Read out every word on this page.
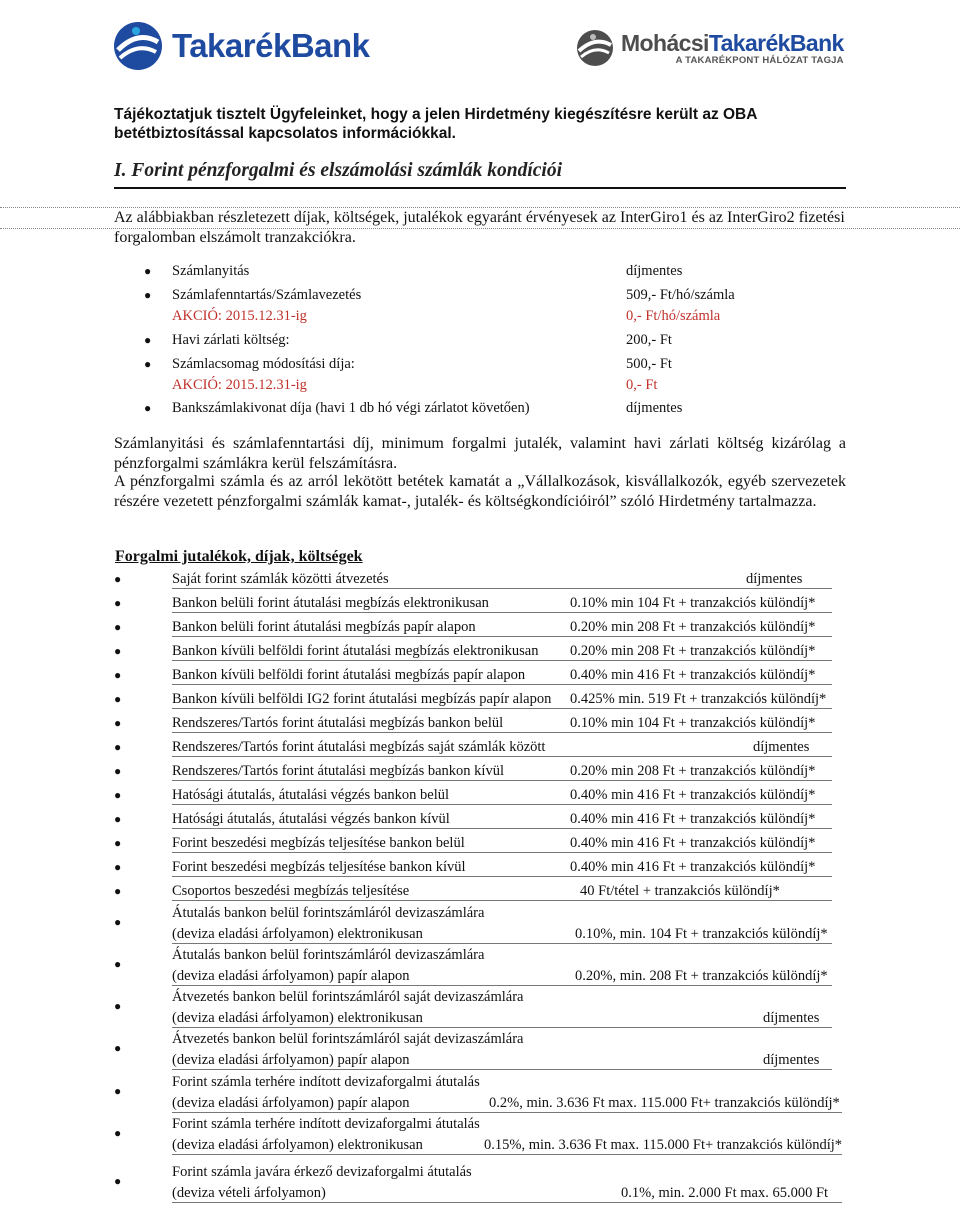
TakarékBank	MohácsiTakarékBank
A TAKARÉKPONT HÁLÓZAT TAGJA
Tájékoztatjuk tisztelt Ügyfeleinket, hogy a jelen Hirdetmény kiegészítésre került az OBA betétbiztosítással kapcsolatos információkkal.
I. Forint pénzforgalmi és elszámolási számlák kondíciói
Az alábbiakban részletezett díjak, költségek, jutalékok egyaránt érvényesek az InterGiro1 és az InterGiro2 fizetési forgalomban elszámolt tranzakciókra.
● Számlanyitás	díjmentes
● Számlafenntartás/Számlavezetés	509,- Ft/hó/számla
AKCIÓ: 2015.12.31-ig	0,- Ft/hó/számla
● Havi zárlati költség:	200,- Ft
● Számlacsomag módosítási díja:	500,- Ft
AKCIÓ: 2015.12.31-ig	0,- Ft
● Bankszámlakivonat díja (havi 1 db hó végi zárlatot követően)	díjmentes
Számlanyitási és számlafenntartási díj, minimum forgalmi jutalék, valamint havi zárlati költség kizárólag a pénzforgalmi számlákra kerül felszámításra.
A pénzforgalmi számla és az arról lekötött betétek kamatát a „Vállalkozások, kisvállalkozók, egyéb szervezetek részére vezetett pénzforgalmi számlák kamat-, jutalék- és költségkondícióiról” szóló Hirdetmény tartalmazza.
Forgalmi jutalékok, díjak, költségek
●	Saját forint számlák közötti átvezetés	díjmentes
●	Bankon belüli forint átutalási megbízás elektronikusan	0.10% min 104 Ft + tranzakciós különdíj*
●	Bankon belüli forint átutalási megbízás papír alapon	0.20% min 208 Ft + tranzakciós különdíj*
●	Bankon kívüli belföldi forint átutalási megbízás elektronikusan 0.20% min 208 Ft + tranzakciós különdíj*
●	Bankon kívüli belföldi forint átutalási megbízás papír alapon	0.40% min 416 Ft + tranzakciós különdíj*
●	Bankon kívüli belföldi IG2 forint átutalási megbízás papír alapon 0.425% min. 519 Ft + tranzakciós különdíj*
●	Rendszeres/Tartós forint átutalási megbízás bankon belül	0.10% min 104 Ft + tranzakciós különdíj*
●	Rendszeres/Tartós forint átutalási megbízás saját számlák között	díjmentes
●	Rendszeres/Tartós forint átutalási megbízás bankon kívül	0.20% min 208 Ft + tranzakciós különdíj*
●	Hatósági átutalás, átutalási végzés bankon belül	0.40% min 416 Ft + tranzakciós különdíj*
●	Hatósági átutalás, átutalási végzés bankon kívül	0.40% min 416 Ft + tranzakciós különdíj*
●	Forint beszedési megbízás teljesítése bankon belül	0.40% min 416 Ft + tranzakciós különdíj*
●	Forint beszedési megbízás teljesítése bankon kívül	0.40% min 416 Ft + tranzakciós különdíj*
●	Csoportos beszedési megbízás teljesítése	40 Ft/tétel + tranzakciós különdíj*
●
Átutalás bankon belül forintszámláról devizaszámlára
(deviza eladási árfolyamon) elektronikusan	0.10%, min. 104 Ft + tranzakciós különdíj*
●
Átutalás bankon belül forintszámláról devizaszámlára
(deviza eladási árfolyamon) papír alapon	0.20%, min. 208 Ft + tranzakciós különdíj*
●
Átvezetés bankon belül forintszámláról saját devizaszámlára
(deviza eladási árfolyamon) elektronikusan	díjmentes
●
Átvezetés bankon belül forintszámláról saját devizaszámlára
(deviza eladási árfolyamon) papír alapon	díjmentes
●
Forint számla terhére indított devizaforgalmi átutalás
(deviza eladási árfolyamon) papír alapon	0.2%, min. 3.636 Ft max. 115.000 Ft+ tranzakciós különdíj*
●
Forint számla terhére indított devizaforgalmi átutalás
(deviza eladási árfolyamon) elektronikusan	0.15%, min. 3.636 Ft max. 115.000 Ft+ tranzakciós különdíj*
●
Forint számla javára érkező devizaforgalmi átutalás
(deviza vételi árfolyamon)	0.1%, min. 2.000 Ft max. 65.000 Ft
